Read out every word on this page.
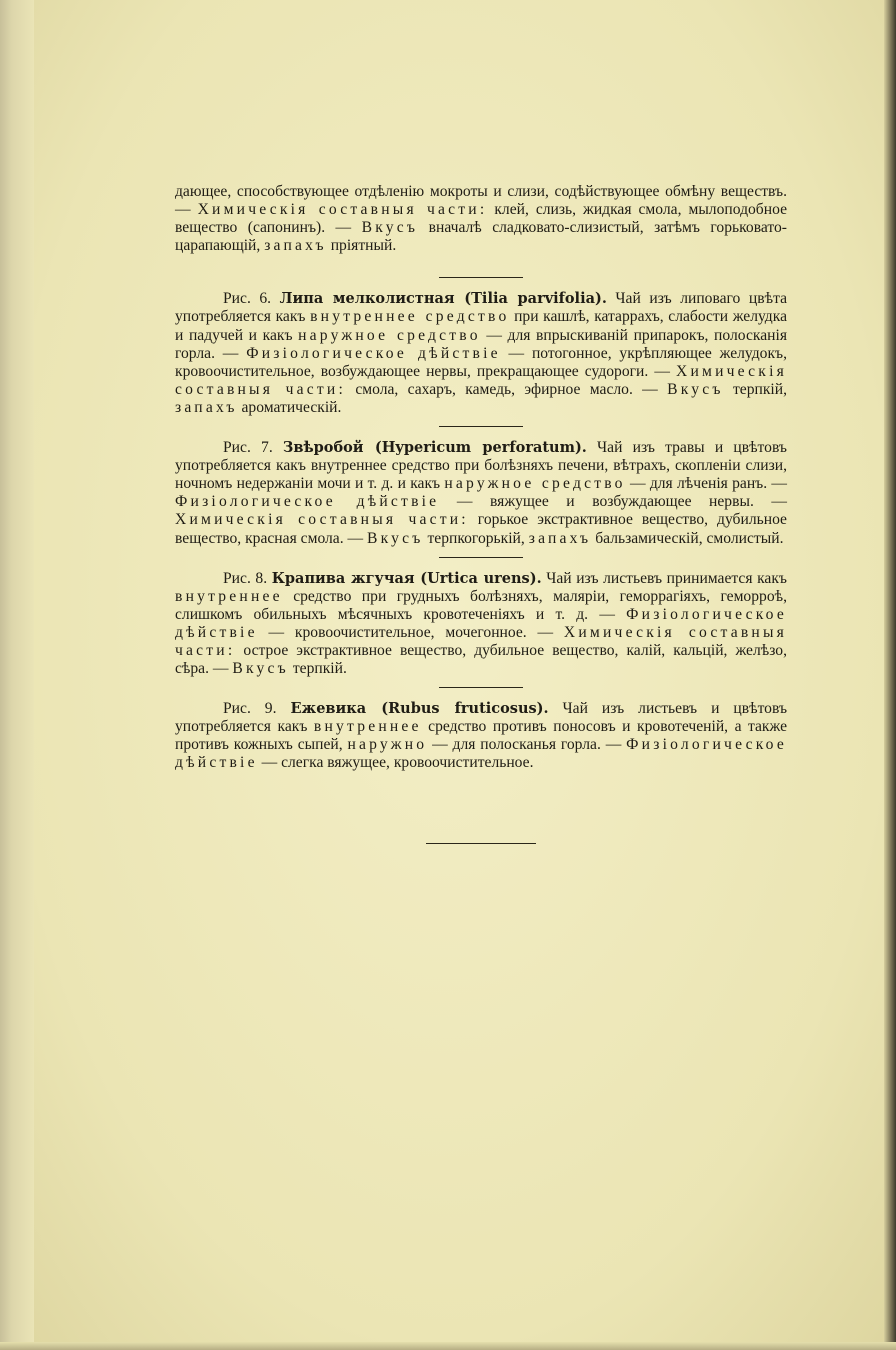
дающее, способствующее отдѣленію мокроты и слизи, содѣйствующее обмѣну веществъ. — Химическія составныя части: клей, слизь, жидкая смола, мылоподобное вещество (сапонинъ). — Вкусъ вначалѣ сладковато-слизистый, затѣмъ горьковато-царапающій, запахъ пріятный.

Рис. 6. Липа мелколистная (Tilia parvifolia). Чай изъ липоваго цвѣта употребляется какъ внутреннее средство при кашлѣ, катаррахъ, слабости желудка и падучей и какъ наружное средство — для впрыскиваній припарокъ, полосканія горла. — Физіологическое дѣйствіе — потогонное, укрѣпляющее желудокъ, кровоочистительное, возбуждающее нервы, прекращающее судороги. — Химическія составныя части: смола, сахаръ, камедь, эфирное масло. — Вкусъ терпкій, запахъ ароматическій.

Рис. 7. Звѣробой (Hypericum perforatum). Чай изъ травы и цвѣтовъ употребляется какъ внутреннее средство при болѣзняхъ печени, вѣтрахъ, скопленіи слизи, ночномъ недержаніи мочи и т. д. и какъ наружное средство — для лѣченія ранъ. — Физіологическое дѣйствіе — вяжущее и возбуждающее нервы. — Химическія составныя части: горькое экстрактивное вещество, дубильное вещество, красная смола. — Вкусъ терпкогорькій, запахъ бальзамическій, смолистый.

Рис. 8. Крапива жгучая (Urtica urens). Чай изъ листьевъ принимается какъ внутреннее средство при грудныхъ болѣзняхъ, маляріи, геморрагіяхъ, геморроѣ, слишкомъ обильныхъ мѣсячныхъ кровотеченіяхъ и т. д. — Физіологическое дѣйствіе — кровоочистительное, мочегонное. — Химическія составныя части: острое экстрактивное вещество, дубильное вещество, калій, кальцій, желѣзо, сѣра. — Вкусъ терпкій.

Рис. 9. Ежевика (Rubus fruticosus). Чай изъ листьевъ и цвѣтовъ употребляется какъ внутреннее средство противъ поносовъ и кровотеченій, а также противъ кожныхъ сыпей, наружно — для полосканья горла. — Физіологическое дѣйствіе — слегка вяжущее, кровоочистительное.
